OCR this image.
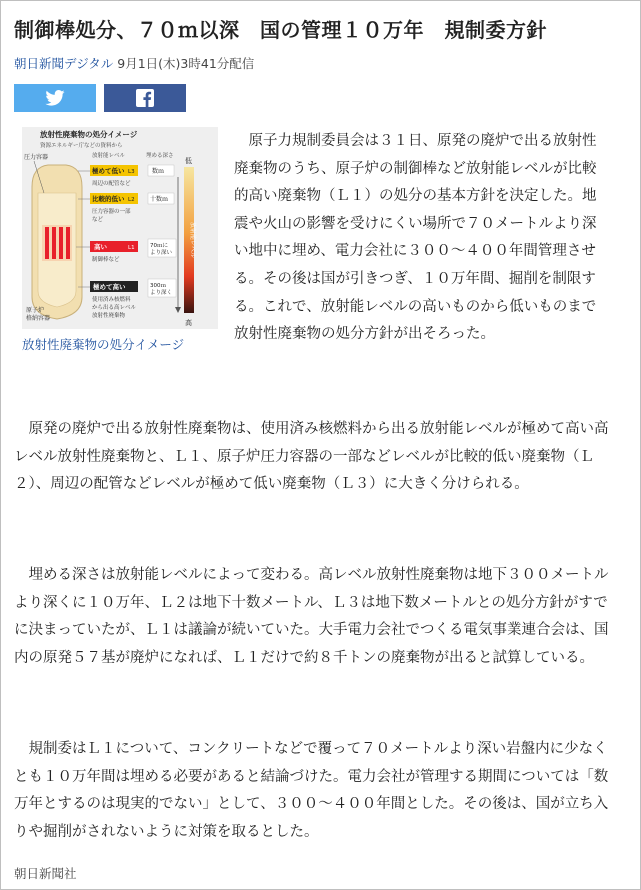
制御棒処分、７０ｍ以深　国の管理１０万年　規制委方針
朝日新聞デジタル 9月1日(木)3時41分配信
放射性廃棄物の処分イメージ
資源エネルギー庁などの資料から
圧力容器
原子炉
格納容器
放射能レベル	埋める深さ
極めて低い L3
周辺の配管など
数ｍ
比較的低い L2
圧力容器の一部
など
十数ｍ
高い	L1
制御棒など
70ｍに
より深い
極めて高い
使用済み核燃料
から出る高レベル
放射性廃棄物
300ｍ
より深く
低
高
放射能レベル
放射性廃棄物の処分イメージ
　原子力規制委員会は３１日、原発の廃炉で出る放射性廃棄物のうち、原子炉の制御棒など放射能レベルが比較的高い廃棄物（Ｌ１）の処分の基本方針を決定した。地震や火山の影響を受けにくい場所で７０メートルより深い地中に埋め、電力会社に３００～４００年間管理させる。その後は国が引きつぎ、１０万年間、掘削を制限する。これで、放射能レベルの高いものから低いものまで放射性廃棄物の処分方針が出そろった。
　原発の廃炉で出る放射性廃棄物は、使用済み核燃料から出る放射能レベルが極めて高い高レベル放射性廃棄物と、Ｌ１、原子炉圧力容器の一部などレベルが比較的低い廃棄物（Ｌ２）、周辺の配管などレベルが極めて低い廃棄物（Ｌ３）に大きく分けられる。
　埋める深さは放射能レベルによって変わる。高レベル放射性廃棄物は地下３００メートルより深くに１０万年、Ｌ２は地下十数メートル、Ｌ３は地下数メートルとの処分方針がすでに決まっていたが、Ｌ１は議論が続いていた。大手電力会社でつくる電気事業連合会は、国内の原発５７基が廃炉になれば、Ｌ１だけで約８千トンの廃棄物が出ると試算している。
　規制委はＬ１について、コンクリートなどで覆って７０メートルより深い岩盤内に少なくとも１０万年間は埋める必要があると結論づけた。電力会社が管理する期間については「数万年とするのは現実的でない」として、３００～４００年間とした。その後は、国が立ち入りや掘削がされないように対策を取るとした。
朝日新聞社
